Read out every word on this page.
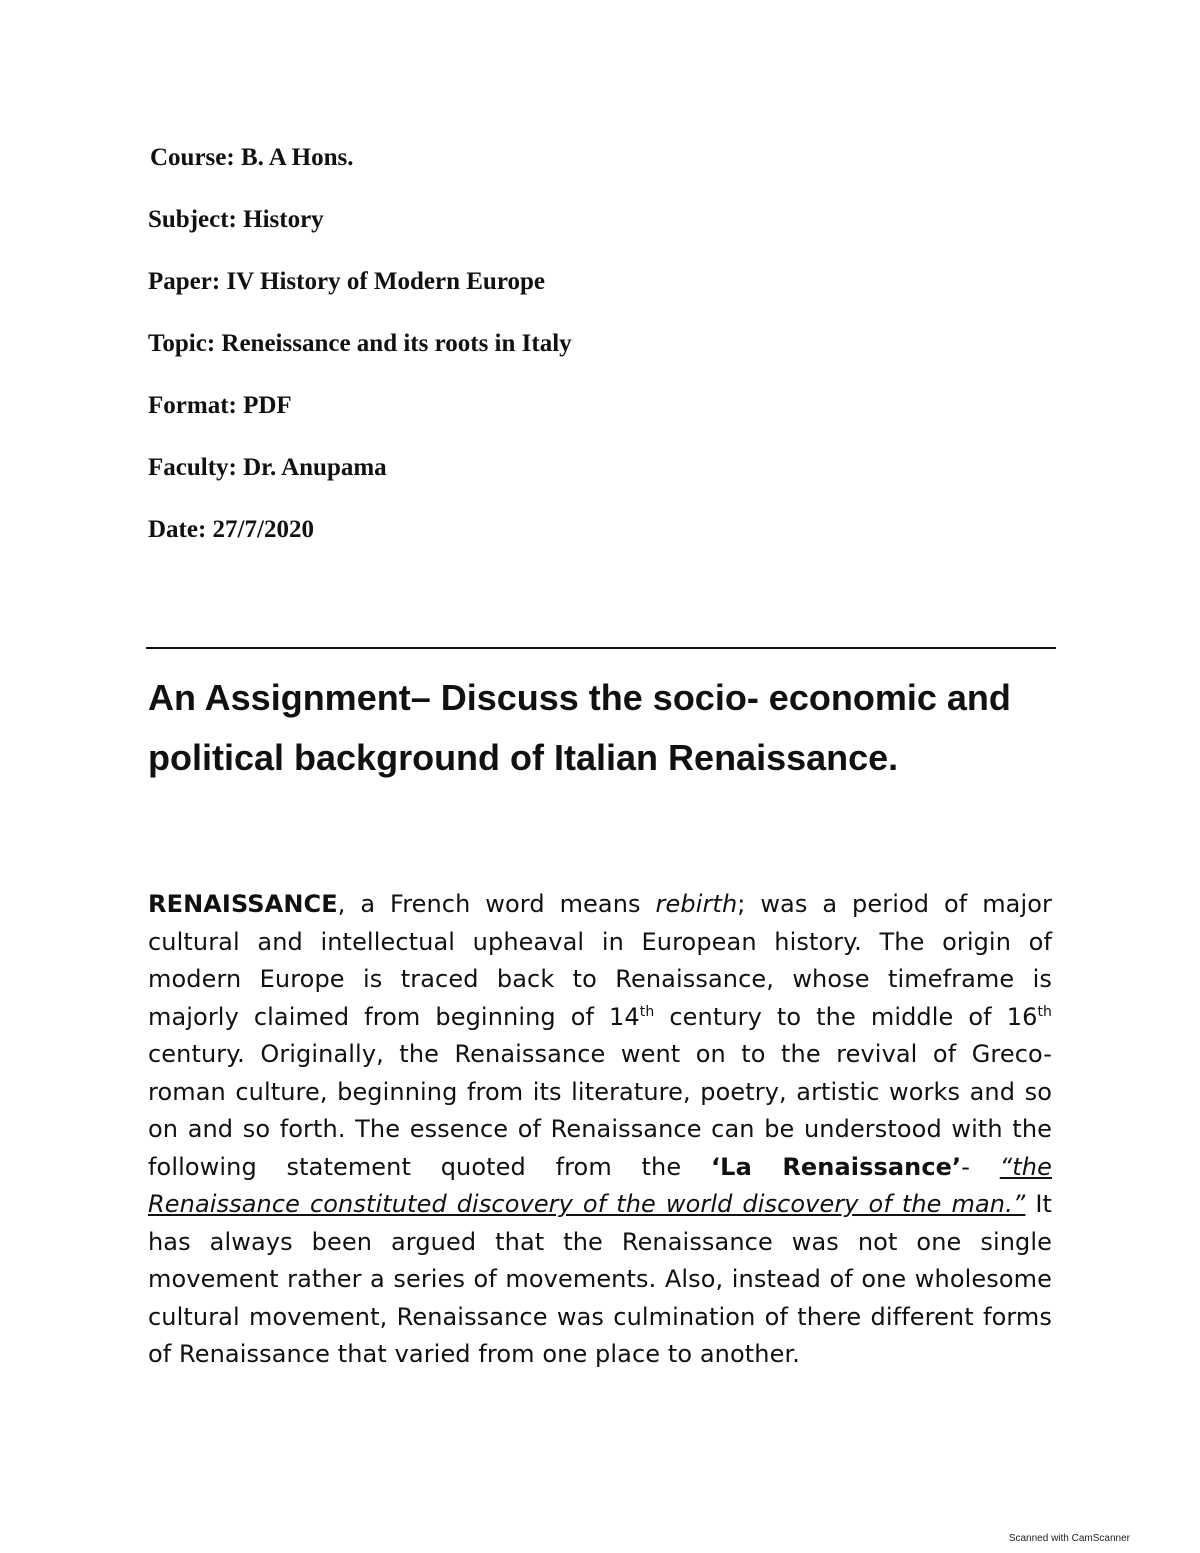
Course: B. A Hons.
Subject: History
Paper: IV History of Modern Europe
Topic: Reneissance and its roots in Italy
Format: PDF
Faculty: Dr. Anupama
Date: 27/7/2020
An Assignment– Discuss the socio- economic and political background of Italian Renaissance.

RENAISSANCE, a French word means rebirth; was a period of major cultural and intellectual upheaval in European history. The origin of modern Europe is traced back to Renaissance, whose timeframe is majorly claimed from beginning of 14th century to the middle of 16th century. Originally, the Renaissance went on to the revival of Greco-roman culture, beginning from its literature, poetry, artistic works and so on and so forth. The essence of Renaissance can be understood with the following statement quoted from the ‘La Renaissance’- “the Renaissance constituted discovery of the world discovery of the man.” It has always been argued that the Renaissance was not one single movement rather a series of movements. Also, instead of one wholesome cultural movement, Renaissance was culmination of there different forms of Renaissance that varied from one place to another.

Scanned with CamScanner
